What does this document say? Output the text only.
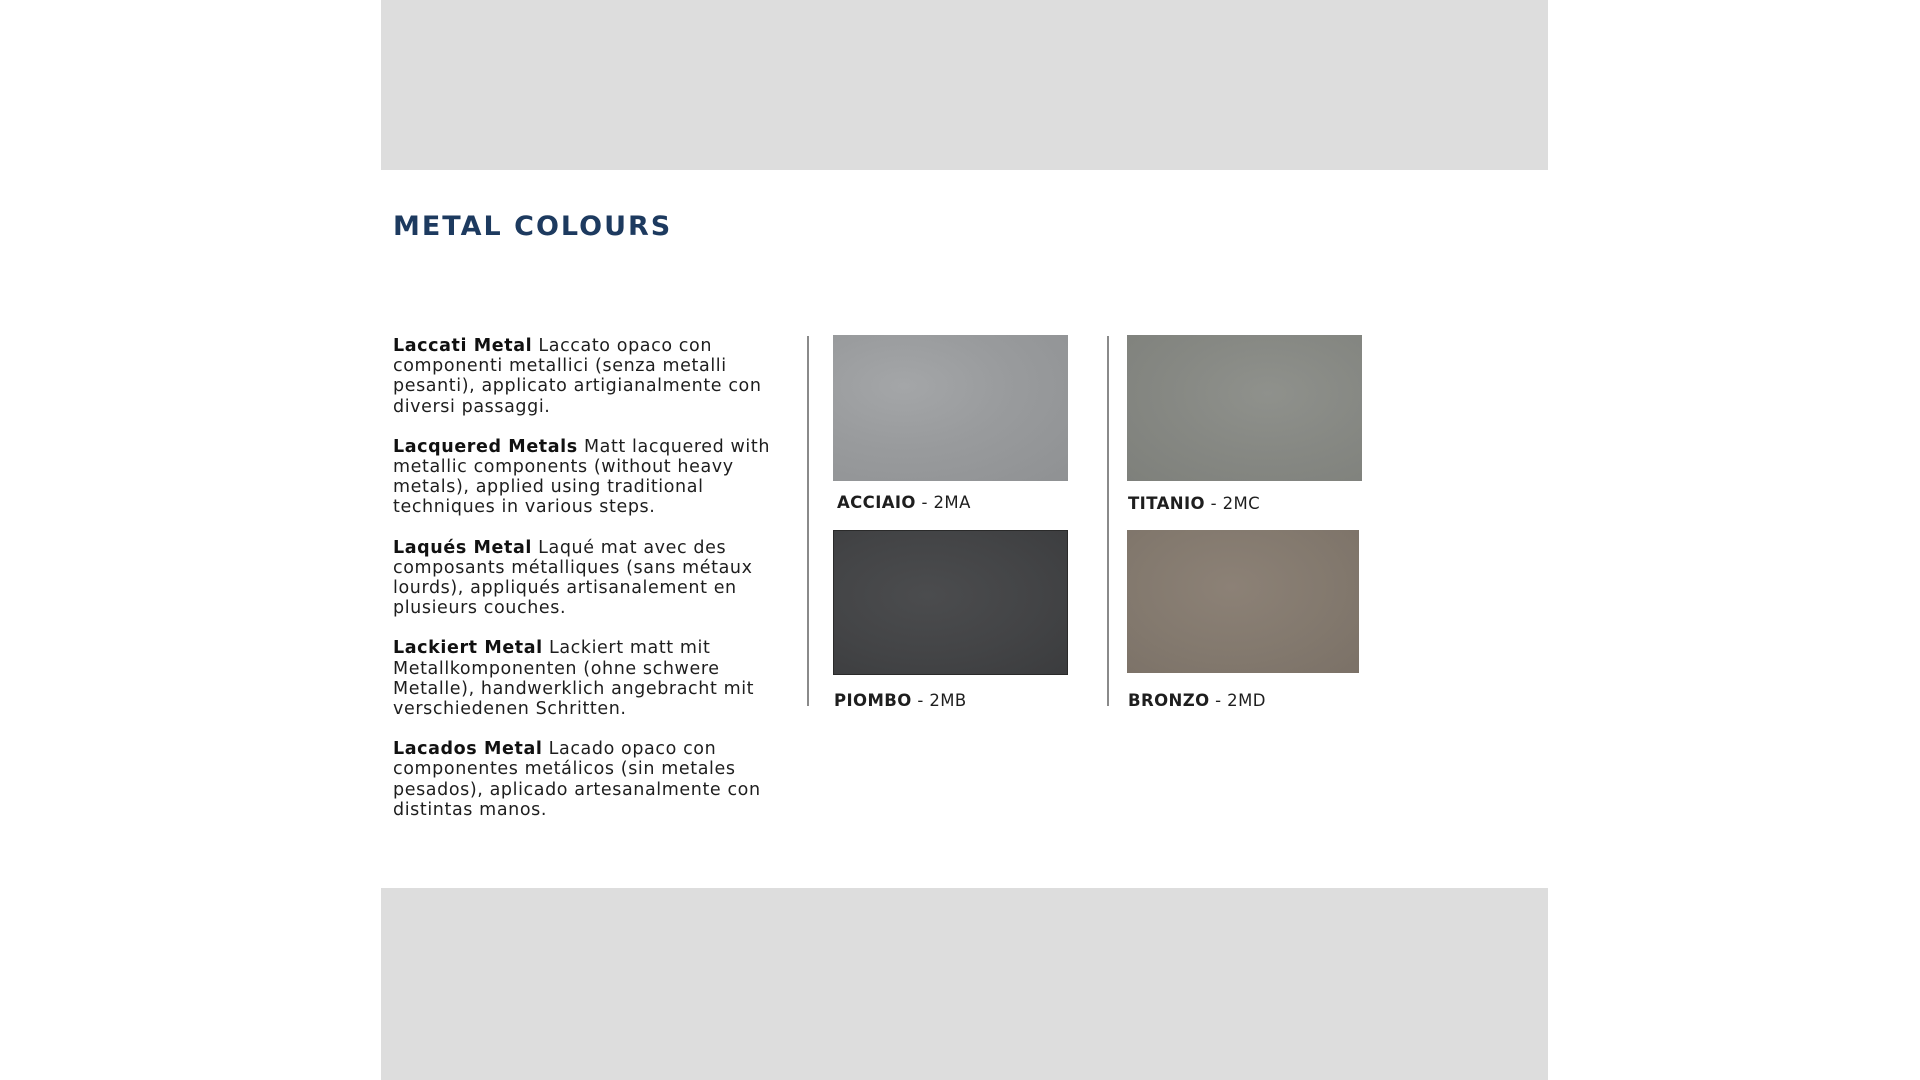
METAL COLOURS

Laccati Metal Laccato opaco con componenti metallici (senza metalli pesanti), applicato artigianalmente con diversi passaggi.

Lacquered Metals Matt lacquered with metallic components (without heavy metals), applied using traditional techniques in various steps.

Laqués Metal Laqué mat avec des composants métalliques (sans métaux lourds), appliqués artisanalement en plusieurs couches.

Lackiert Metal Lackiert matt mit Metallkomponenten (ohne schwere Metalle), handwerklich angebracht mit verschiedenen Schritten.

Lacados Metal Lacado opaco con componentes metálicos (sin metales pesados), aplicado artesanalmente con distintas manos.

ACCIAIO - 2MA	TITANIO - 2MC
PIOMBO - 2MB	BRONZO - 2MD
